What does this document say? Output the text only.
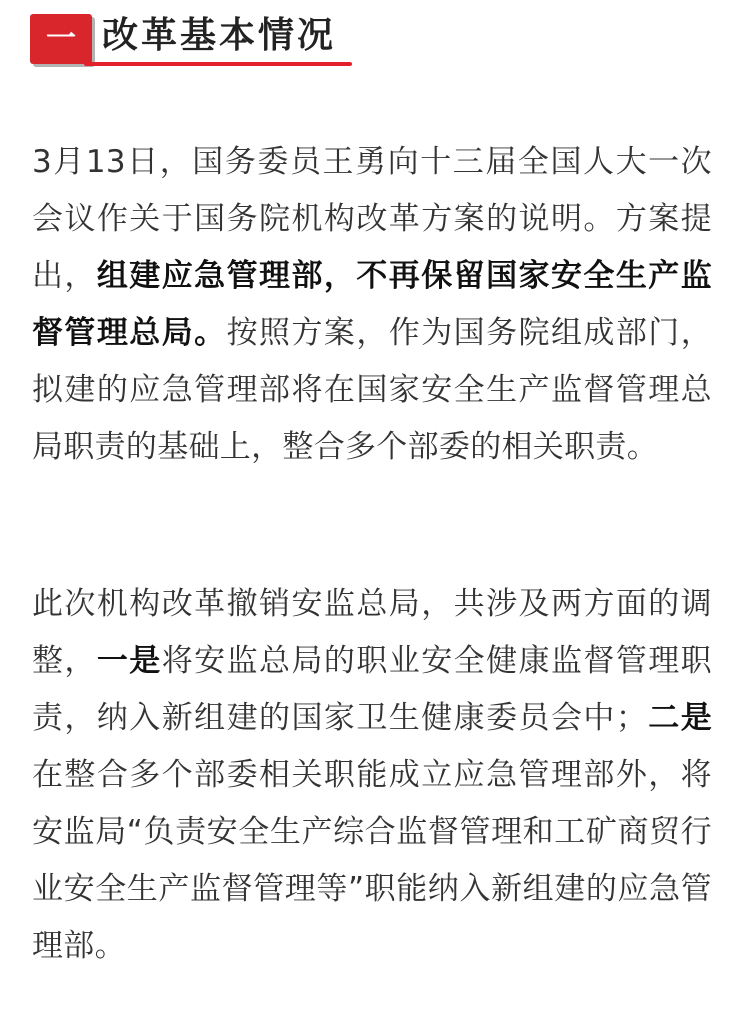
一 改革基本情况

3月13日，国务委员王勇向十三届全国人大一次会议作关于国务院机构改革方案的说明。方案提出，组建应急管理部，不再保留国家安全生产监督管理总局。按照方案，作为国务院组成部门，拟建的应急管理部将在国家安全生产监督管理总局职责的基础上，整合多个部委的相关职责。

此次机构改革撤销安监总局，共涉及两方面的调整，一是将安监总局的职业安全健康监督管理职责，纳入新组建的国家卫生健康委员会中；二是在整合多个部委相关职能成立应急管理部外，将安监局“负责安全生产综合监督管理和工矿商贸行业安全生产监督管理等”职能纳入新组建的应急管理部。
